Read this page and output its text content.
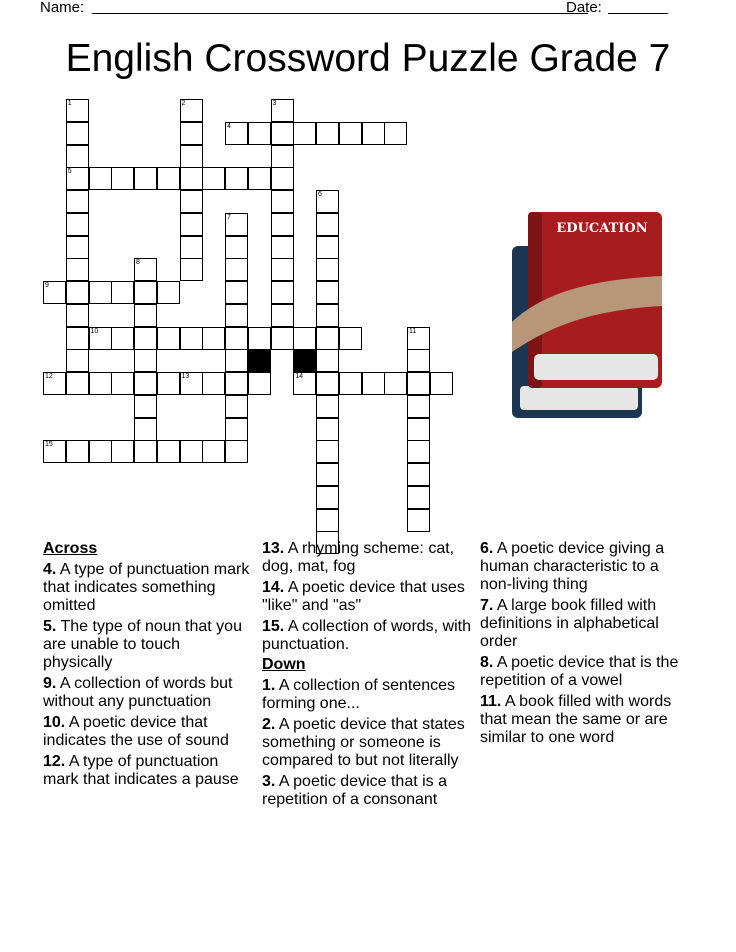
Name:	Date:
English Crossword Puzzle Grade 7
4
5
9
10
12	13	14
15
1	2	3
6
7
8
11
EDUCATION
Across
4. A type of punctuation mark that indicates something omitted
5. The type of noun that you are unable to touch physically
9. A collection of words but without any punctuation
10. A poetic device that indicates the use of sound
12. A type of punctuation mark that indicates a pause
13. A rhyming scheme: cat, dog, mat, fog
14. A poetic device that uses "like" and "as"
15. A collection of words, with punctuation.
Down
1. A collection of sentences forming one...
2. A poetic device that states something or someone is compared to but not literally
3. A poetic device that is a repetition of a consonant
6. A poetic device giving a human characteristic to a non-living thing
7. A large book filled with definitions in alphabetical order
8. A poetic device that is the repetition of a vowel
11. A book filled with words that mean the same or are similar to one word
